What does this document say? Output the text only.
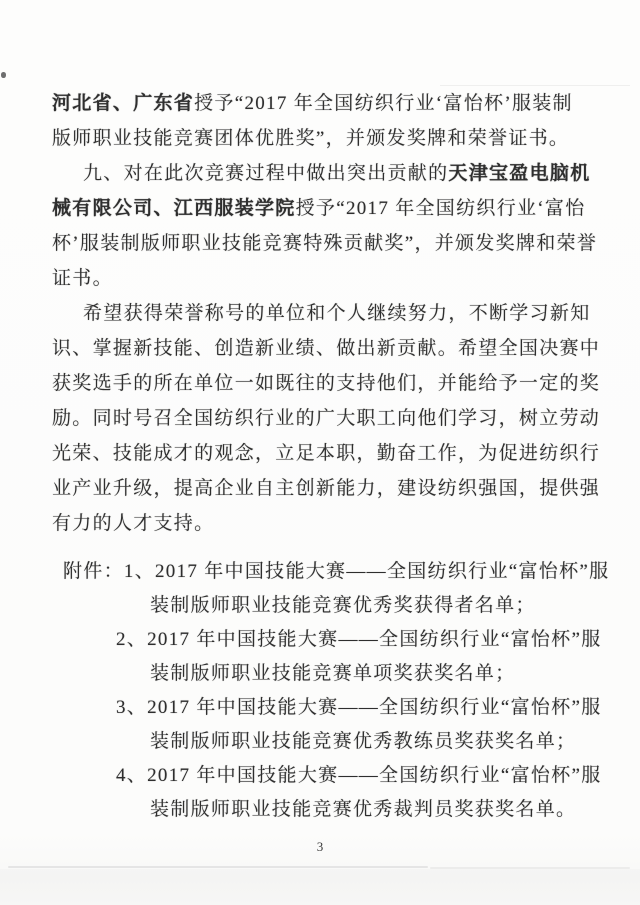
河北省、广东省授予“2017 年全国纺织行业‘富怡杯’服装制
版师职业技能竞赛团体优胜奖”，并颁发奖牌和荣誉证书。
九、对在此次竞赛过程中做出突出贡献的天津宝盈电脑机
械有限公司、江西服装学院授予“2017 年全国纺织行业‘富怡
杯’服装制版师职业技能竞赛特殊贡献奖”，并颁发奖牌和荣誉
证书。
希望获得荣誉称号的单位和个人继续努力，不断学习新知
识、掌握新技能、创造新业绩、做出新贡献。希望全国决赛中
获奖选手的所在单位一如既往的支持他们，并能给予一定的奖
励。同时号召全国纺织行业的广大职工向他们学习，树立劳动
光荣、技能成才的观念，立足本职，勤奋工作，为促进纺织行
业产业升级，提高企业自主创新能力，建设纺织强国，提供强
有力的人才支持。
附件：1、2017 年中国技能大赛——全国纺织行业“富怡杯”服
装制版师职业技能竞赛优秀奖获得者名单；
2、2017 年中国技能大赛——全国纺织行业“富怡杯”服
装制版师职业技能竞赛单项奖获奖名单；
3、2017 年中国技能大赛——全国纺织行业“富怡杯”服
装制版师职业技能竞赛优秀教练员奖获奖名单；
4、2017 年中国技能大赛——全国纺织行业“富怡杯”服
装制版师职业技能竞赛优秀裁判员奖获奖名单。
3
